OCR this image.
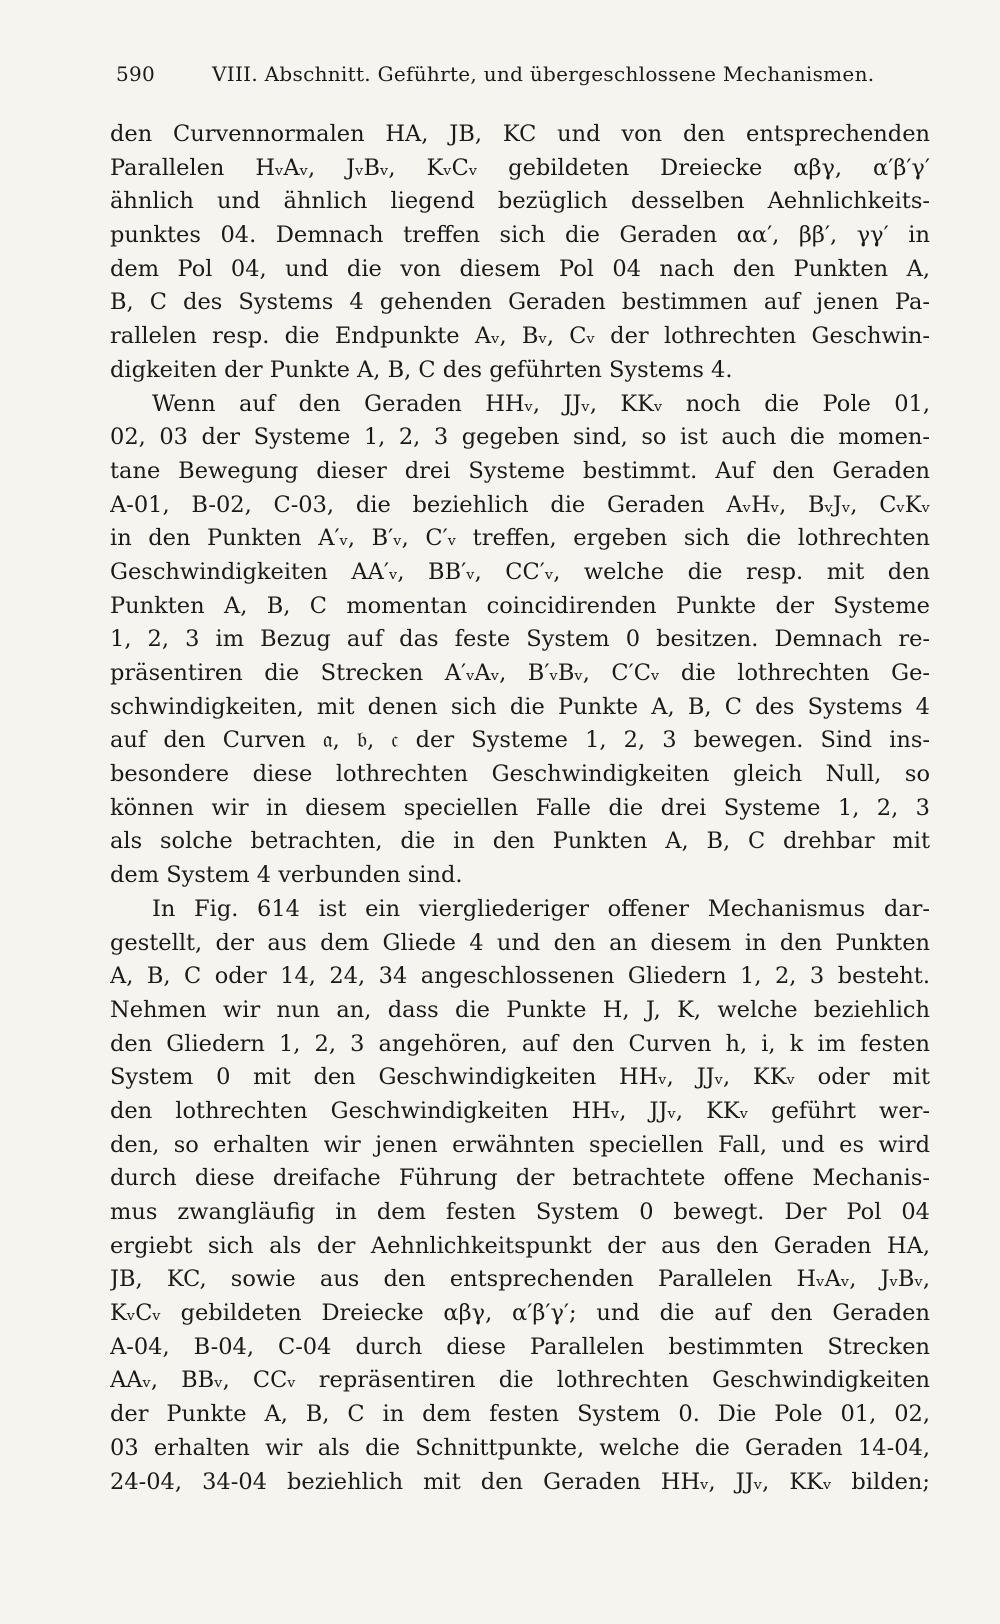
590	VIII. Abschnitt. Geführte, und übergeschlossene Mechanismen.
den Curvennormalen HA, JB, KC und von den entsprechenden
Parallelen HᵥAᵥ, JᵥBᵥ, KᵥCᵥ gebildeten Dreiecke αβγ, α′β′γ′
ähnlich und ähnlich liegend bezüglich desselben Aehnlichkeits-
punktes 04. Demnach treffen sich die Geraden αα′, ββ′, γγ′ in
dem Pol 04, und die von diesem Pol 04 nach den Punkten A,
B, C des Systems 4 gehenden Geraden bestimmen auf jenen Pa-
rallelen resp. die Endpunkte Aᵥ, Bᵥ, Cᵥ der lothrechten Geschwin-
digkeiten der Punkte A, B, C des geführten Systems 4.
Wenn auf den Geraden HHᵥ, JJᵥ, KKᵥ noch die Pole 01,
02, 03 der Systeme 1, 2, 3 gegeben sind, so ist auch die momen-
tane Bewegung dieser drei Systeme bestimmt. Auf den Geraden
A-01, B-02, C-03, die beziehlich die Geraden AᵥHᵥ, BᵥJᵥ, CᵥKᵥ
in den Punkten A′ᵥ, B′ᵥ, C′ᵥ treffen, ergeben sich die lothrechten
Geschwindigkeiten AA′ᵥ, BB′ᵥ, CC′ᵥ, welche die resp. mit den
Punkten A, B, C momentan coincidirenden Punkte der Systeme
1, 2, 3 im Bezug auf das feste System 0 besitzen. Demnach re-
präsentiren die Strecken A′ᵥAᵥ, B′ᵥBᵥ, C′Cᵥ die lothrechten Ge-
schwindigkeiten, mit denen sich die Punkte A, B, C des Systems 4
auf den Curven 𝔞, 𝔟, 𝔠 der Systeme 1, 2, 3 bewegen. Sind ins-
besondere diese lothrechten Geschwindigkeiten gleich Null, so
können wir in diesem speciellen Falle die drei Systeme 1, 2, 3
als solche betrachten, die in den Punkten A, B, C drehbar mit
dem System 4 verbunden sind.
In Fig. 614 ist ein viergliederiger offener Mechanismus dar-
gestellt, der aus dem Gliede 4 und den an diesem in den Punkten
A, B, C oder 14, 24, 34 angeschlossenen Gliedern 1, 2, 3 besteht.
Nehmen wir nun an, dass die Punkte H, J, K, welche beziehlich
den Gliedern 1, 2, 3 angehören, auf den Curven h, i, k im festen
System 0 mit den Geschwindigkeiten HHᵥ, JJᵥ, KKᵥ oder mit
den lothrechten Geschwindigkeiten HHᵥ, JJᵥ, KKᵥ geführt wer-
den, so erhalten wir jenen erwähnten speciellen Fall, und es wird
durch diese dreifache Führung der betrachtete offene Mechanis-
mus zwangläufig in dem festen System 0 bewegt. Der Pol 04
ergiebt sich als der Aehnlichkeitspunkt der aus den Geraden HA,
JB, KC, sowie aus den entsprechenden Parallelen HᵥAᵥ, JᵥBᵥ,
KᵥCᵥ gebildeten Dreiecke αβγ, α′β′γ′; und die auf den Geraden
A-04, B-04, C-04 durch diese Parallelen bestimmten Strecken
AAᵥ, BBᵥ, CCᵥ repräsentiren die lothrechten Geschwindigkeiten
der Punkte A, B, C in dem festen System 0. Die Pole 01, 02,
03 erhalten wir als die Schnittpunkte, welche die Geraden 14-04,
24-04, 34-04 beziehlich mit den Geraden HHᵥ, JJᵥ, KKᵥ bilden;
